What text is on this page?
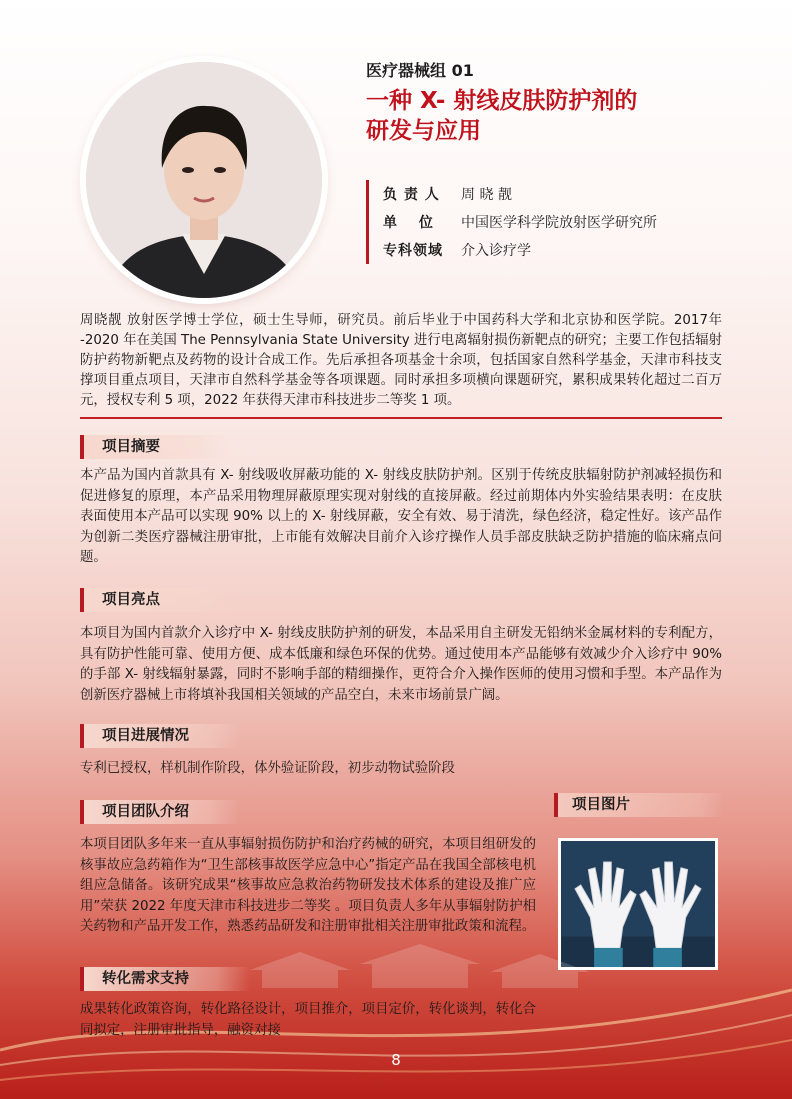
医疗器械组 01
一种 X- 射线皮肤防护剂的
研发与应用
负 责 人	周 晓 靓
单　 位	中国医学科学院放射医学研究所
专科领域	介入诊疗学
周晓靓 放射医学博士学位，硕士生导师，研究员。前后毕业于中国药科大学和北京协和医学院。2017年 -2020 年在美国 The Pennsylvania State University 进行电离辐射损伤新靶点的研究；主要工作包括辐射防护药物新靶点及药物的设计合成工作。先后承担各项基金十余项，包括国家自然科学基金，天津市科技支撑项目重点项目，天津市自然科学基金等各项课题。同时承担多项横向课题研究，累积成果转化超过二百万元，授权专利 5 项，2022 年获得天津市科技进步二等奖 1 项。
项目摘要
本产品为国内首款具有 X- 射线吸收屏蔽功能的 X- 射线皮肤防护剂。区别于传统皮肤辐射防护剂减轻损伤和促进修复的原理，本产品采用物理屏蔽原理实现对射线的直接屏蔽。经过前期体内外实验结果表明：在皮肤表面使用本产品可以实现 90% 以上的 X- 射线屏蔽，安全有效、易于清洗，绿色经济，稳定性好。该产品作为创新二类医疗器械注册审批，上市能有效解决目前介入诊疗操作人员手部皮肤缺乏防护措施的临床痛点问题。
项目亮点
本项目为国内首款介入诊疗中 X- 射线皮肤防护剂的研发，本品采用自主研发无铅纳米金属材料的专利配方，具有防护性能可靠、使用方便、成本低廉和绿色环保的优势。通过使用本产品能够有效减少介入诊疗中 90% 的手部 X- 射线辐射暴露，同时不影响手部的精细操作，更符合介入操作医师的使用习惯和手型。本产品作为创新医疗器械上市将填补我国相关领域的产品空白，未来市场前景广阔。
项目进展情况
专利已授权，样机制作阶段，体外验证阶段，初步动物试验阶段
项目团队介绍
本项目团队多年来一直从事辐射损伤防护和治疗药械的研究，本项目组研发的核事故应急药箱作为“卫生部核事故医学应急中心”指定产品在我国全部核电机组应急储备。该研究成果“核事故应急救治药物研发技术体系的建设及推广应用”荣获 2022 年度天津市科技进步二等奖 。项目负责人多年从事辐射防护相关药物和产品开发工作，熟悉药品研发和注册审批相关注册审批政策和流程。
项目图片
转化需求支持
成果转化政策咨询，转化路径设计，项目推介，项目定价，转化谈判，转化合同拟定，注册审批指导，融资对接
8
